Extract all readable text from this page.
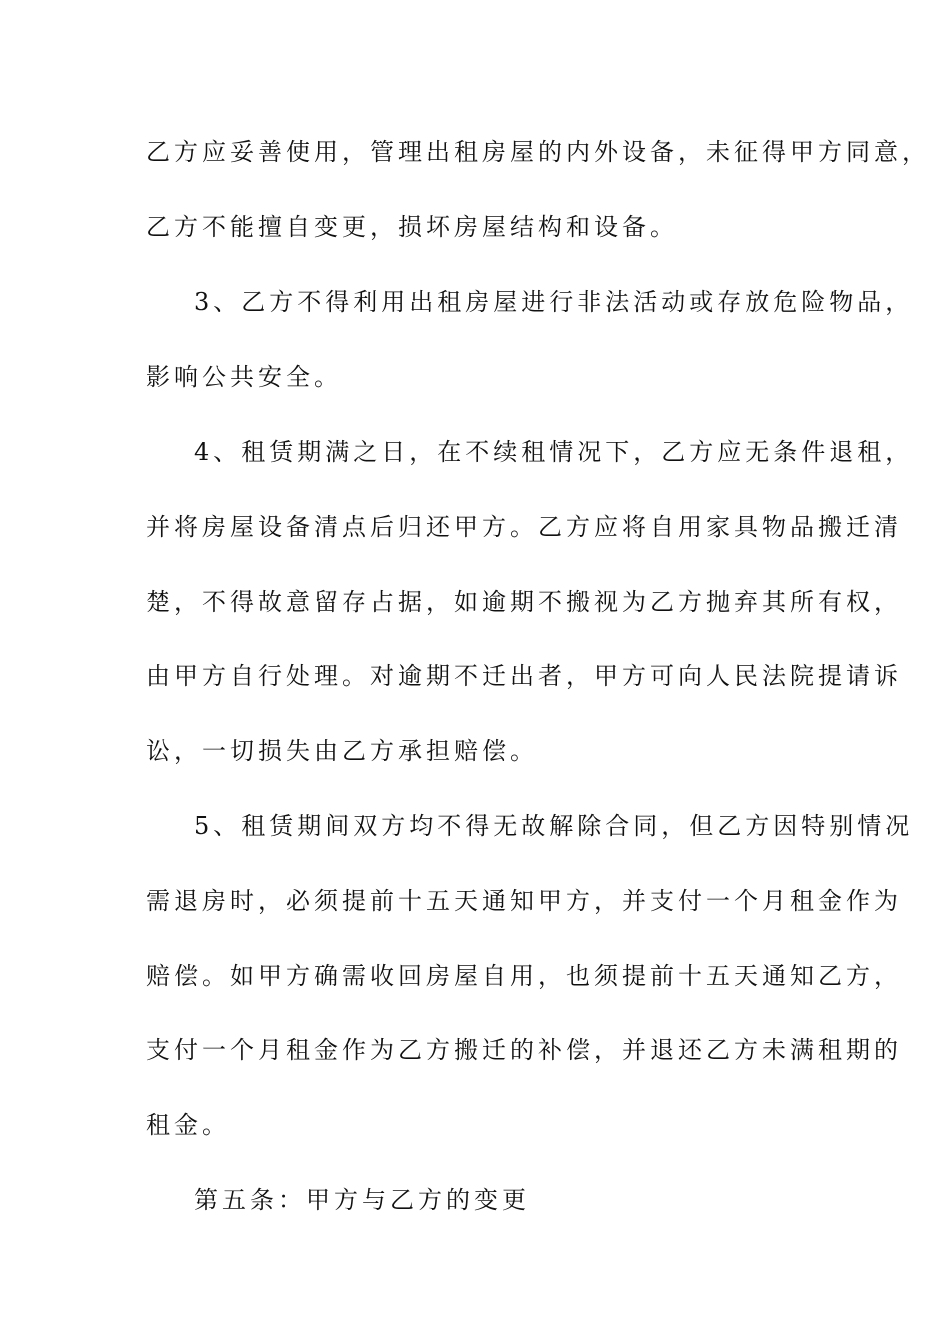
乙方应妥善使用，管理出租房屋的内外设备，未征得甲方同意，
乙方不能擅自变更，损坏房屋结构和设备。
3、乙方不得利用出租房屋进行非法活动或存放危险物品，
影响公共安全。
4、租赁期满之日，在不续租情况下，乙方应无条件退租，
并将房屋设备清点后归还甲方。乙方应将自用家具物品搬迁清
楚，不得故意留存占据，如逾期不搬视为乙方抛弃其所有权，
由甲方自行处理。对逾期不迁出者，甲方可向人民法院提请诉
讼，一切损失由乙方承担赔偿。
5、租赁期间双方均不得无故解除合同，但乙方因特别情况
需退房时，必须提前十五天通知甲方，并支付一个月租金作为
赔偿。如甲方确需收回房屋自用，也须提前十五天通知乙方，
支付一个月租金作为乙方搬迁的补偿，并退还乙方未满租期的
租金。
第五条：甲方与乙方的变更
